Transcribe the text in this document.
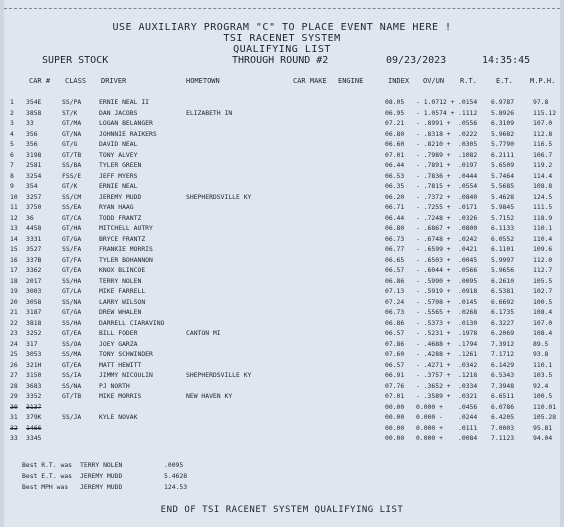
USE AUXILIARY PROGRAM "C" TO PLACE EVENT NAME HERE !
TSI RACENET SYSTEM
QUALIFYING LIST
SUPER STOCK	THROUGH ROUND #2	09/23/2023	14:35:45
CAR # CLASS DRIVER	HOMETOWN	CAR MAKE ENGINE	INDEX OV/UN R.T.	E.T. M.P.H.
1 354E	SS/PA	ERNIE NEAL II	08.05 - 1.0712 + .0154 6.9787	97.8
2 3858	ST/K	DAN JACOBS	ELIZABETH IN	06.95 - 1.0574 + .1112 5.8926	115.12
3 33	GT/MA	LOGAN BELANGER	07.21 - .8991 + .0556 6.3109	107.0
4 356	GT/NA	JOHNNIE RAIKERS	06.80 - .8318 + .0222 5.9682	112.8
5 356	GT/G	DAVID NEAL	06.60 - .8210 + .0305 5.7790	116.5
6 3198	GT/TB	TONY ALVEY	07.01 - .7989 + .1082 6.2111	106.7
7 2581	SS/BA	TYLER GREEN	06.44 - .7891 + .0197 5.6509	119.2
8 3254	FSS/E	JEFF MYERS	06.53 - .7836 + .0444 5.7464	114.4
9 354	GT/K	ERNIE NEAL	06.35 - .7815 + .0554 5.5685	108.8
10 3257	SS/CM	JEREMY MUDD	SHEPHERDSVILLE KY	06.20 - .7372 + .0840 5.4628	124.5
11 3750	SS/EA	RYAN HAAG	06.71 - .7255 + .0171 5.9845	111.5
12 36	GT/CA	TODD FRANTZ	06.44 - .7248 + .0326 5.7152	118.9
13 4458	GT/HA	MITCHELL AUTRY	06.80 - .6867 + .0800 6.1133	110.1
14 3331	GT/GA	BRYCE FRANTZ	06.73 - .6748 + .0242 6.0552	110.4
15 3527	SS/FA	FRANKIE MORRIS	06.77 - .6599 + .0421 6.1101	109.6
16 337B	GT/FA	TYLER BOHANNON	06.65 - .6503 + .0045 5.9997	112.0
17 3362	GT/EA	KNOX BLINCOE	06.57 - .6044 + .0566 5.9656	112.7
18 2017	SS/HA	TERRY NOLEN	06.86 - .5990 + .0095 6.2610	105.5
19 3003	GT/LA	MIKE FARRELL	07.13 - .5919 + .0918 6.5381	102.7
20 3058	SS/NA	LARRY WILSON	07.24 - .5708 + .0145 6.6692	100.5
21 3187	GT/GA	DREW WHALEN	06.73 - .5565 + .0268 6.1735	108.4
22 3818	SS/HA	DARRELL CIARAVINO	06.86 - .5373 + .0130 6.3227	107.0
23 3252	GT/EA	BILL FODER	CANTON MI	06.57 - .5231 + .1978 6.2069	108.4
24 317	SS/OA	JOEY GARZA	07.86 - .4688 + .1794 7.3912	89.5
25 3053	SS/MA	TONY SCHWINDER	07.60 - .4288 + .1261 7.1712	93.8
26 321H	GT/EA	MATT HEWITT	06.57 - .4271 + .0342 6.1429	110.1
27 3150	SS/IA	JIMMY NICOULIN	SHEPHERDSVILLE KY	06.91 - .3757 + .1218 6.5343	103.5
28 3683	SS/NA	PJ NORTH	07.76 - .3652 + .0334 7.3948	92.4
29 3352	GT/TB	MIKE MORRIS	NEW HAVEN KY	07.01 - .3589 + .0321 6.6511	100.5
30 3137	00.00 0.000 + .0456 6.0786	110.01
31 379K	SS/JA	KYLE NOVAK	00.00 0.000 - .0244 6.4205	105.28
32 1466	00.00 0.000 + .0111 7.0003	95.81
33 3345	00.00 0.000 + .0084 7.1123	94.04
Best R.T. was TERRY NOLEN	.0095
Best E.T. was JEREMY MUDD	5.4628
Best MPH was JEREMY MUDD	124.53
END OF TSI RACENET SYSTEM QUALIFYING LIST
